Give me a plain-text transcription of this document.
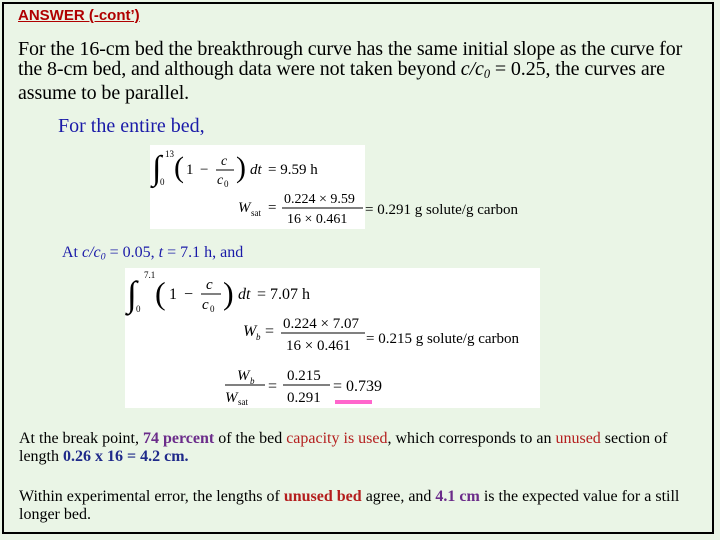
ANSWER (-cont’)
For the 16-cm bed the breakthrough curve has the same initial slope as the curve for the 8-cm bed, and although data were not taken beyond $c/c_0 = 0.25$, the curves are assume to be parallel.
For the entire bed,
∫ 13
0 ( 1 −
c
c 0 ) dt = 9.59 h
W sat =
0.224 × 9.59
16 × 0.461
= 0.291 g solute/g carbon
At $c/c_0 = 0.05$, t = 7.1 h, and
∫ 7.1
0 ( 1 −
c
c 0 ) dt = 7.07 h
W b = 0.224 × 7.07
16 × 0.461 = 0.215 g solute/g carbon
W b
W sat
=
0.215
0.291
= 0.739
At the break point, 74 percent of the bed capacity is used, which corresponds to an unused section of length 0.26 x 16 = 4.2 cm.
Within experimental error, the lengths of unused bed agree, and 4.1 cm is the expected value for a still longer bed.
